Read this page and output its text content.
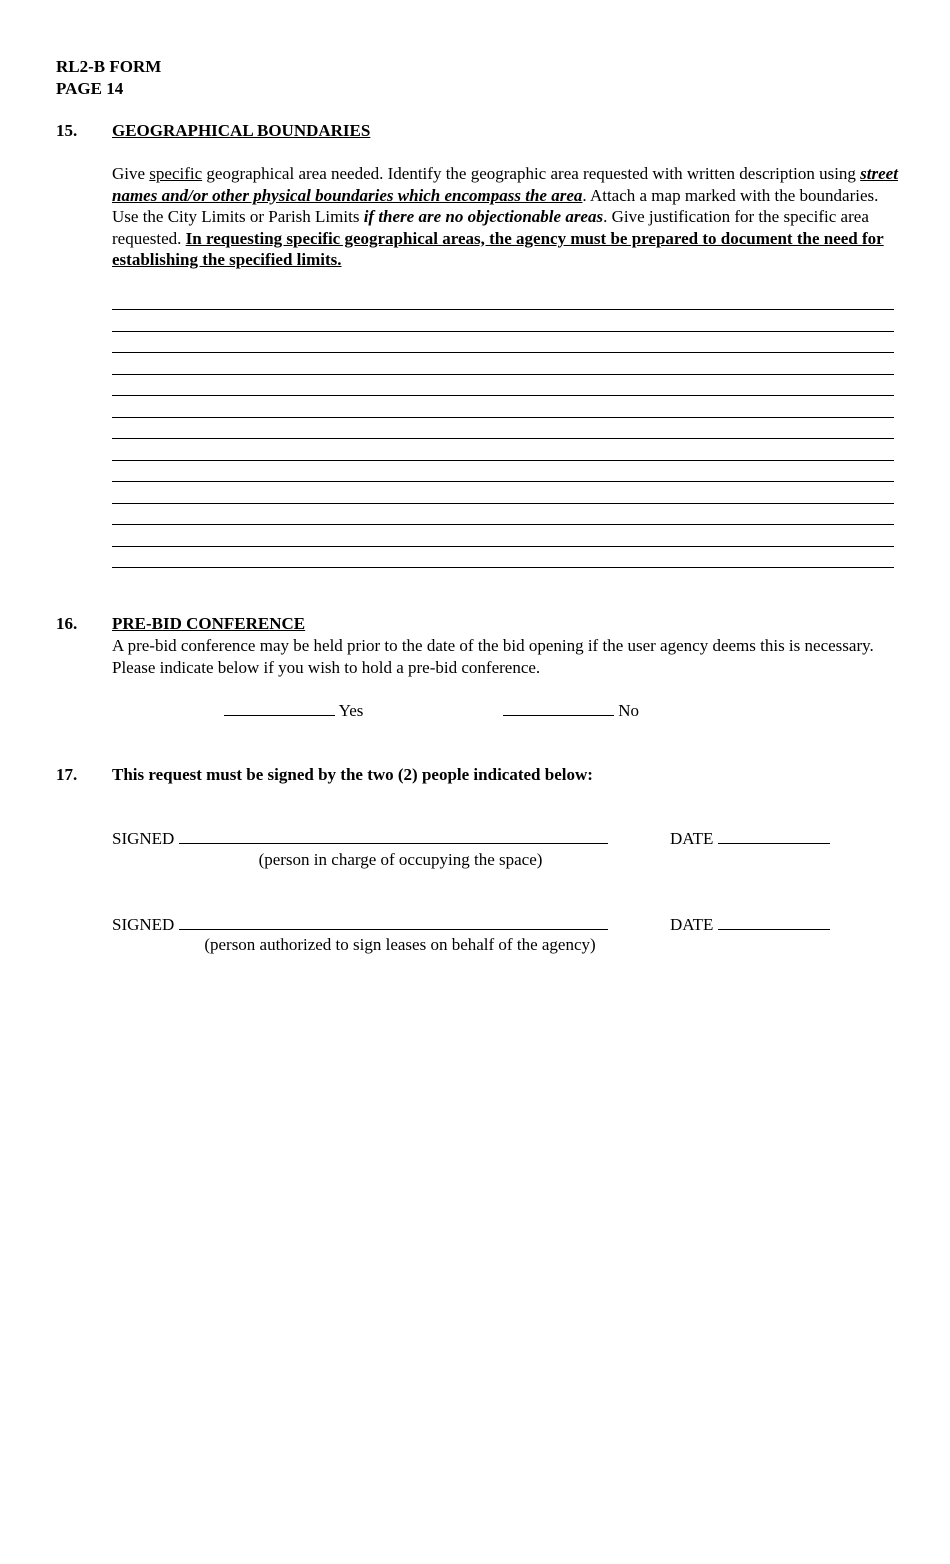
RL2-B FORM
PAGE 14
15. GEOGRAPHICAL BOUNDARIES
Give specific geographical area needed. Identify the geographic area requested with written description using street names and/or other physical boundaries which encompass the area. Attach a map marked with the boundaries. Use the City Limits or Parish Limits if there are no objectionable areas. Give justification for the specific area requested. In requesting specific geographical areas, the agency must be prepared to document the need for establishing the specified limits.
16. PRE-BID CONFERENCE
A pre-bid conference may be held prior to the date of the bid opening if the user agency deems this is necessary. Please indicate below if you wish to hold a pre-bid conference.
Yes	No
17. This request must be signed by the two (2) people indicated below:
SIGNED	DATE
(person in charge of occupying the space)
SIGNED	DATE
(person authorized to sign leases on behalf of the agency)
